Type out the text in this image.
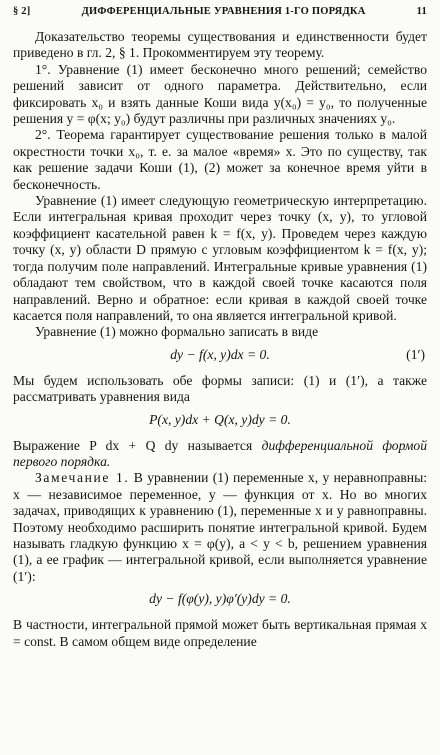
§ 2]	ДИФФЕРЕНЦИАЛЬНЫЕ УРАВНЕНИЯ 1-ГО ПОРЯДКА	11

Доказательство теоремы существования и единственности будет приведено в гл. 2, § 1. Прокомментируем эту теорему.

1°. Уравнение (1) имеет бесконечно много решений; семейство решений зависит от одного параметра. Действительно, если фиксировать x₀ и взять данные Коши вида y(x₀) = y₀, то полученные решения y = φ(x; y₀) будут различны при различных значениях y₀.

2°. Теорема гарантирует существование решения только в малой окрестности точки x₀, т. е. за малое «время» x. Это по существу, так как решение задачи Коши (1), (2) может за конечное время уйти в бесконечность.

Уравнение (1) имеет следующую геометрическую интерпретацию. Если интегральная кривая проходит через точку (x, y), то угловой коэффициент касательной равен k = f(x, y). Проведем через каждую точку (x, y) области D прямую с угловым коэффициентом k = f(x, y); тогда получим поле направлений. Интегральные кривые уравнения (1) обладают тем свойством, что в каждой своей точке касаются поля направлений. Верно и обратное: если кривая в каждой своей точке касается поля направлений, то она является интегральной кривой.

Уравнение (1) можно формально записать в виде

dy − f(x, y)dx = 0.	(1′)

Мы будем использовать обе формы записи: (1) и (1′), а также рассматривать уравнения вида

P(x, y)dx + Q(x, y)dy = 0.

Выражение P dx + Q dy называется дифференциальной формой первого порядка.

Замечание 1. В уравнении (1) переменные x, y неравноправны: x — независимое переменное, y — функция от x. Но во многих задачах, приводящих к уравнению (1), переменные x и y равноправны. Поэтому необходимо расширить понятие интегральной кривой. Будем называть гладкую функцию x = φ(y), a < y < b, решением уравнения (1), а ее график — интегральной кривой, если выполняется уравнение (1′):

dy − f(φ(y), y)φ′(y)dy = 0.

В частности, интегральной прямой может быть вертикальная прямая x = const. В самом общем виде определение
